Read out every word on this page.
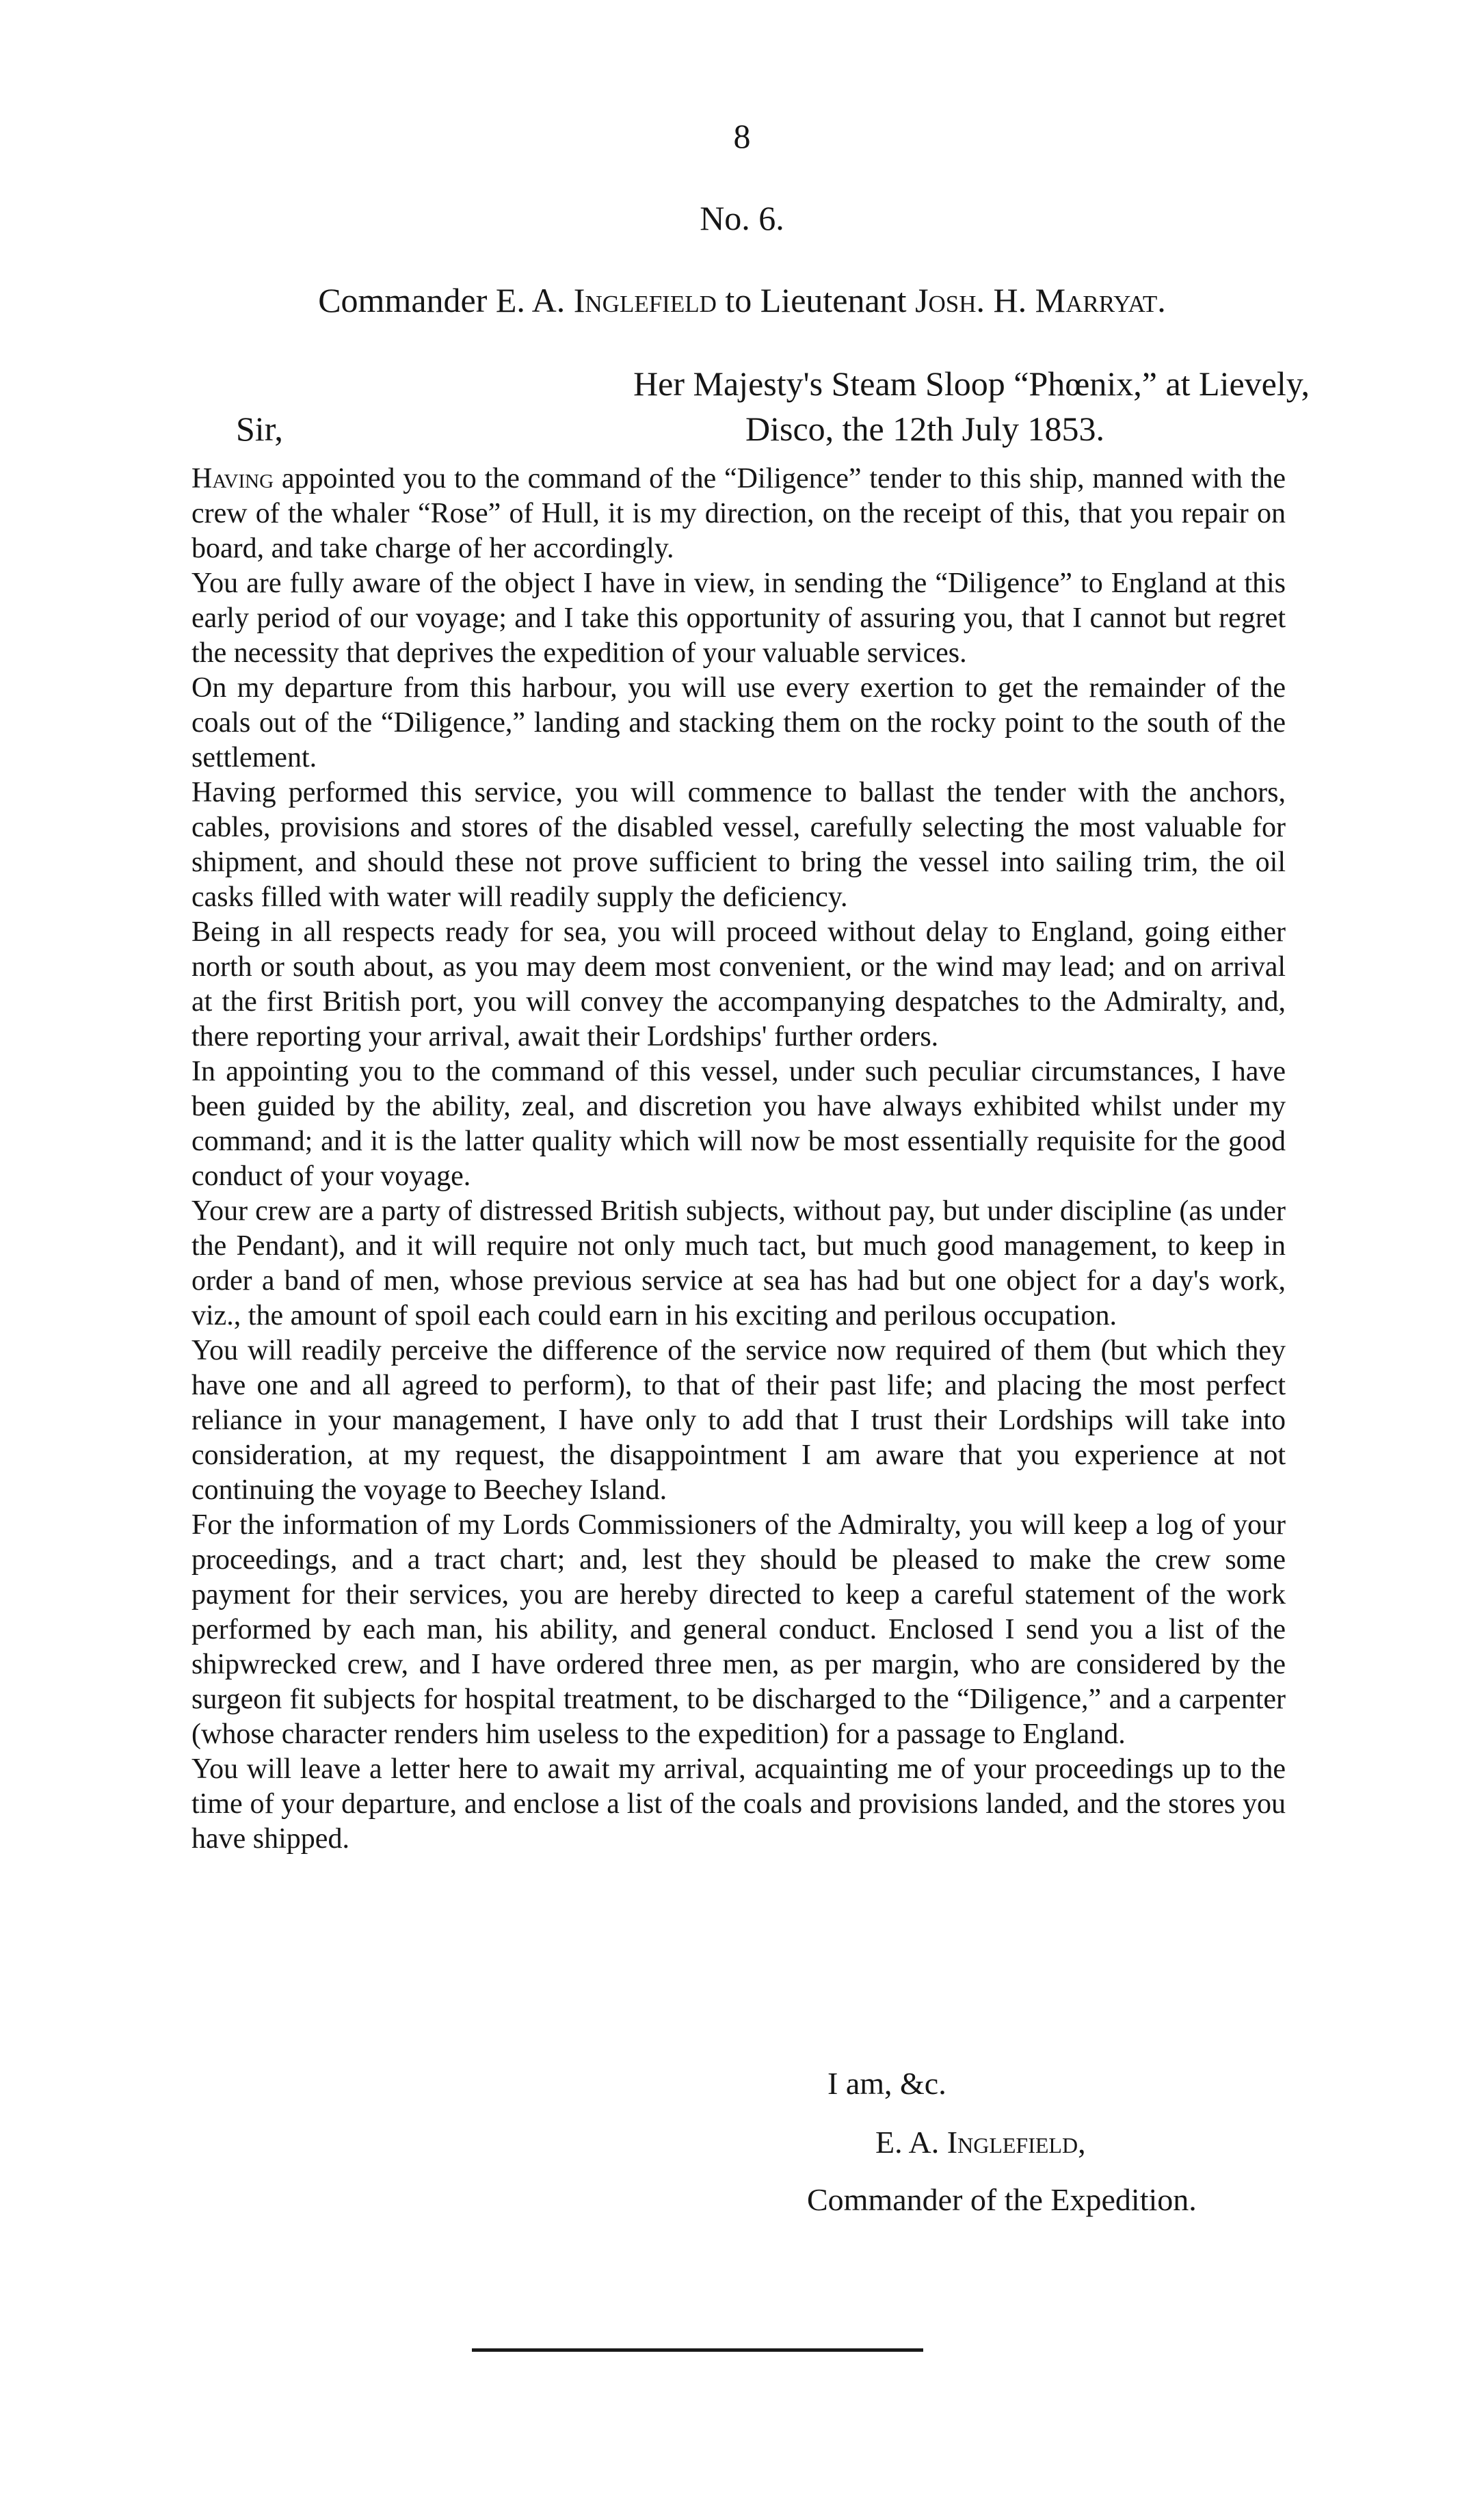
8
No. 6.
Commander E. A. Inglefield to Lieutenant Josh. H. Marryat.
Her Majesty's Steam Sloop “Phœnix,” at Lievely,
Sir,	Disco, the 12th July 1853.

Having appointed you to the command of the “Diligence” tender to this ship, manned with the crew of the whaler “Rose” of Hull, it is my direction, on the receipt of this, that you repair on board, and take charge of her accordingly.

You are fully aware of the object I have in view, in sending the “Diligence” to England at this early period of our voyage; and I take this opportunity of assuring you, that I cannot but regret the necessity that deprives the expedition of your valuable services.

On my departure from this harbour, you will use every exertion to get the remainder of the coals out of the “Diligence,” landing and stacking them on the rocky point to the south of the settlement.

Having performed this service, you will commence to ballast the tender with the anchors, cables, provisions and stores of the disabled vessel, carefully selecting the most valuable for shipment, and should these not prove sufficient to bring the vessel into sailing trim, the oil casks filled with water will readily supply the deficiency.

Being in all respects ready for sea, you will proceed without delay to England, going either north or south about, as you may deem most convenient, or the wind may lead; and on arrival at the first British port, you will convey the accompanying despatches to the Admiralty, and, there reporting your arrival, await their Lordships' further orders.

In appointing you to the command of this vessel, under such peculiar circumstances, I have been guided by the ability, zeal, and discretion you have always exhibited whilst under my command; and it is the latter quality which will now be most essentially requisite for the good conduct of your voyage.

Your crew are a party of distressed British subjects, without pay, but under discipline (as under the Pendant), and it will require not only much tact, but much good management, to keep in order a band of men, whose previous service at sea has had but one object for a day's work, viz., the amount of spoil each could earn in his exciting and perilous occupation.

You will readily perceive the difference of the service now required of them (but which they have one and all agreed to perform), to that of their past life; and placing the most perfect reliance in your management, I have only to add that I trust their Lordships will take into consideration, at my request, the disappointment I am aware that you experience at not continuing the voyage to Beechey Island.

For the information of my Lords Commissioners of the Admiralty, you will keep a log of your proceedings, and a tract chart; and, lest they should be pleased to make the crew some payment for their services, you are hereby directed to keep a careful statement of the work performed by each man, his ability, and general conduct. Enclosed I send you a list of the shipwrecked crew, and I have ordered three men, as per margin, who are considered by the surgeon fit subjects for hospital treatment, to be discharged to the “Diligence,” and a carpenter (whose character renders him useless to the expedition) for a passage to England.

You will leave a letter here to await my arrival, acquainting me of your proceedings up to the time of your departure, and enclose a list of the coals and provisions landed, and the stores you have shipped.

I am, &c.
E. A. Inglefield,
Commander of the Expedition.
